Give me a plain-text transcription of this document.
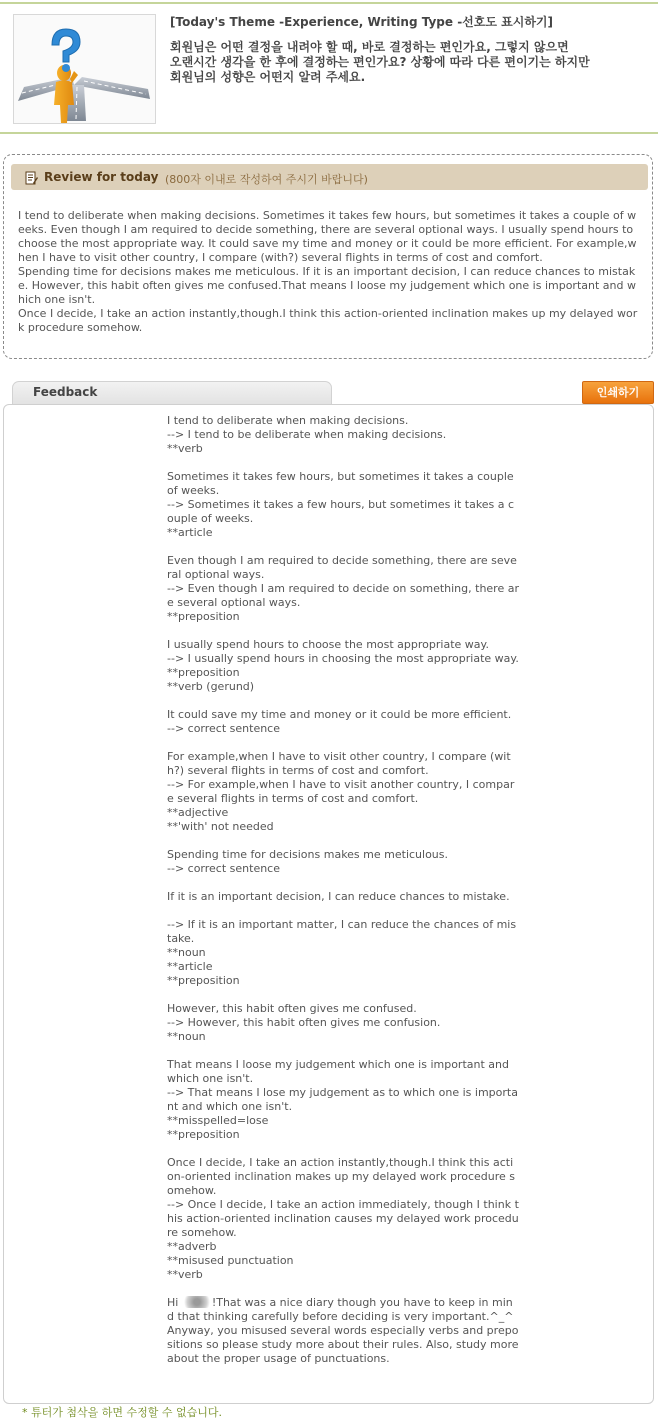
[Today's Theme -Experience, Writing Type -선호도 표시하기]
회원님은 어떤 결정을 내려야 할 때, 바로 결정하는 편인가요, 그렇지 않으면
오랜시간 생각을 한 후에 결정하는 편인가요? 상황에 따라 다른 편이기는 하지만
회원님의 성향은 어떤지 알려 주세요.
Review for today (800자 이내로 작성하여 주시기 바랍니다)

I tend to deliberate when making decisions. Sometimes it takes few hours, but sometimes it takes a couple of weeks. Even though I am required to decide something, there are several optional ways. I usually spend hours to choose the most appropriate way. It could save my time and money or it could be more efficient. For example,when I have to visit other country, I compare (with?) several flights in terms of cost and comfort.
Spending time for decisions makes me meticulous. If it is an important decision, I can reduce chances to mistake. However, this habit often gives me confused.That means I loose my judgement which one is important and which one isn't.
Once I decide, I take an action instantly,though.I think this action-oriented inclination makes up my delayed work procedure somehow.

Feedback	인쇄하기
I tend to deliberate when making decisions.
--> I tend to be deliberate when making decisions.
**verb

Sometimes it takes few hours, but sometimes it takes a couple of weeks.
--> Sometimes it takes a few hours, but sometimes it takes a couple of weeks.
**article

Even though I am required to decide something, there are several optional ways.
--> Even though I am required to decide on something, there are several optional ways.
**preposition

I usually spend hours to choose the most appropriate way.
--> I usually spend hours in choosing the most appropriate way.
**preposition
**verb (gerund)

It could save my time and money or it could be more efficient.
--> correct sentence

For example,when I have to visit other country, I compare (with?) several flights in terms of cost and comfort.
--> For example,when I have to visit another country, I compare several flights in terms of cost and comfort.
**adjective
**'with' not needed

Spending time for decisions makes me meticulous.
--> correct sentence

If it is an important decision, I can reduce chances to mistake.

--> If it is an important matter, I can reduce the chances of mistake.
**noun
**article
**preposition

However, this habit often gives me confused.
--> However, this habit often gives me confusion.
**noun

That means I loose my judgement which one is important and which one isn't.
--> That means I lose my judgement as to which one is important and which one isn't.
**misspelled=lose
**preposition

Once I decide, I take an action instantly,though.I think this action-oriented inclination makes up my delayed work procedure somehow.
--> Once I decide, I take an action immediately, though I think this action-oriented inclination causes my delayed work procedure somehow.
**adverb
**misused punctuation
**verb

Hi	!That was a nice diary though you have to keep in mind that thinking carefully before deciding is very important.^_^ Anyway, you misused several words especially verbs and prepositions so please study more about their rules. Also, study more about the proper usage of punctuations.
* 튜터가 첨삭을 하면 수정할 수 없습니다.
